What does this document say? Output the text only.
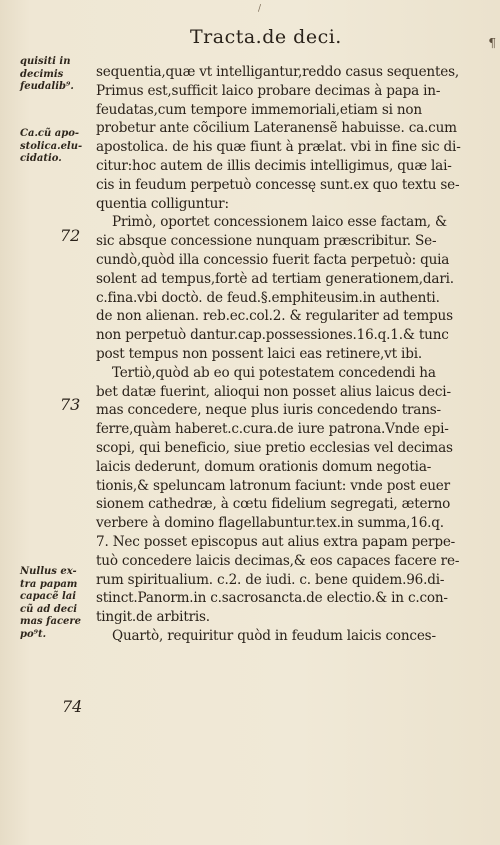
/
Tracta.de deci.	¶
quisiti in
decimis
feudalib⁹.
Ca.cũ apo-
stolica.elu-
cidatio.
Nullus ex-
tra papam
capacẽ lai
cũ ad deci
mas facere
po⁹t.
72
73
74
sequentia,quæ vt intelligantur,reddo casus sequentes,
Primus est,sufficit laico probare decimas à papa in-
feudatas,cum tempore immemoriali,etiam si non
probetur ante cõcilium Lateranensẽ habuisse. ca.cum
apostolica. de his quæ fiunt à prælat. vbi in fine sic di-
citur:hoc autem de illis decimis intelligimus, quæ lai-
cis in feudum perpetuò concessę sunt.ex quo textu se-
quentia colliguntur:
Primò, oportet concessionem laico esse factam, &
sic absque concessione nunquam præscribitur. Se-
cundò,quòd illa concessio fuerit facta perpetuò: quia
solent ad tempus,fortè ad tertiam generationem,dari.
c.fina.vbi doctò. de feud.§.emphiteusim.in authenti.
de non alienan. reb.ec.col.2. & regulariter ad tempus
non perpetuò dantur.cap.possessiones.16.q.1.& tunc
post tempus non possent laici eas retinere,vt ibi.
Tertiò,quòd ab eo qui potestatem concedendi ha
bet datæ fuerint, alioqui non posset alius laicus deci-
mas concedere, neque plus iuris concedendo trans-
ferre,quàm haberet.c.cura.de iure patrona.Vnde epi-
scopi, qui beneficio, siue pretio ecclesias vel decimas
laicis dederunt, domum orationis domum negotia-
tionis,& speluncam latronum faciunt: vnde post euer
sionem cathedræ, à cœtu fidelium segregati, æterno
verbere à domino flagellabuntur.tex.in summa,16.q.
7. Nec posset episcopus aut alius extra papam perpe-
tuò concedere laicis decimas,& eos capaces facere re-
rum spiritualium. c.2. de iudi. c. bene quidem.96.di-
stinct.Panorm.in c.sacrosancta.de electio.& in c.con-
tingit.de arbitris.
Quartò, requiritur quòd in feudum laicis conces-
